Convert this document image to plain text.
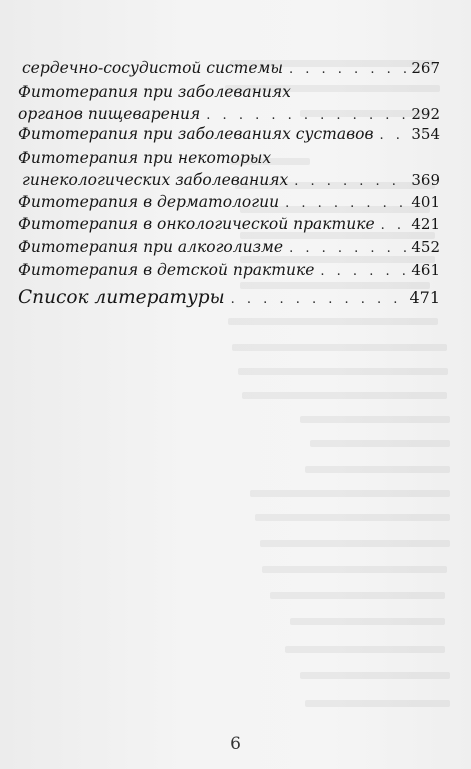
сердечно-сосудистой системы . . .	267
Фитотерапия при заболеваниях
органов пищеварения . . .	292
Фитотерапия при заболеваниях суставов . . .	354
Фитотерапия при некоторых
гинекологических заболеваниях . . .	369
Фитотерапия в дерматологии . . .	401
Фитотерапия в онкологической практике . . . 421
Фитотерапия при алкоголизме . . .	452
Фитотерапия в детской практике . . .	461
Список литературы . . .	471
6
